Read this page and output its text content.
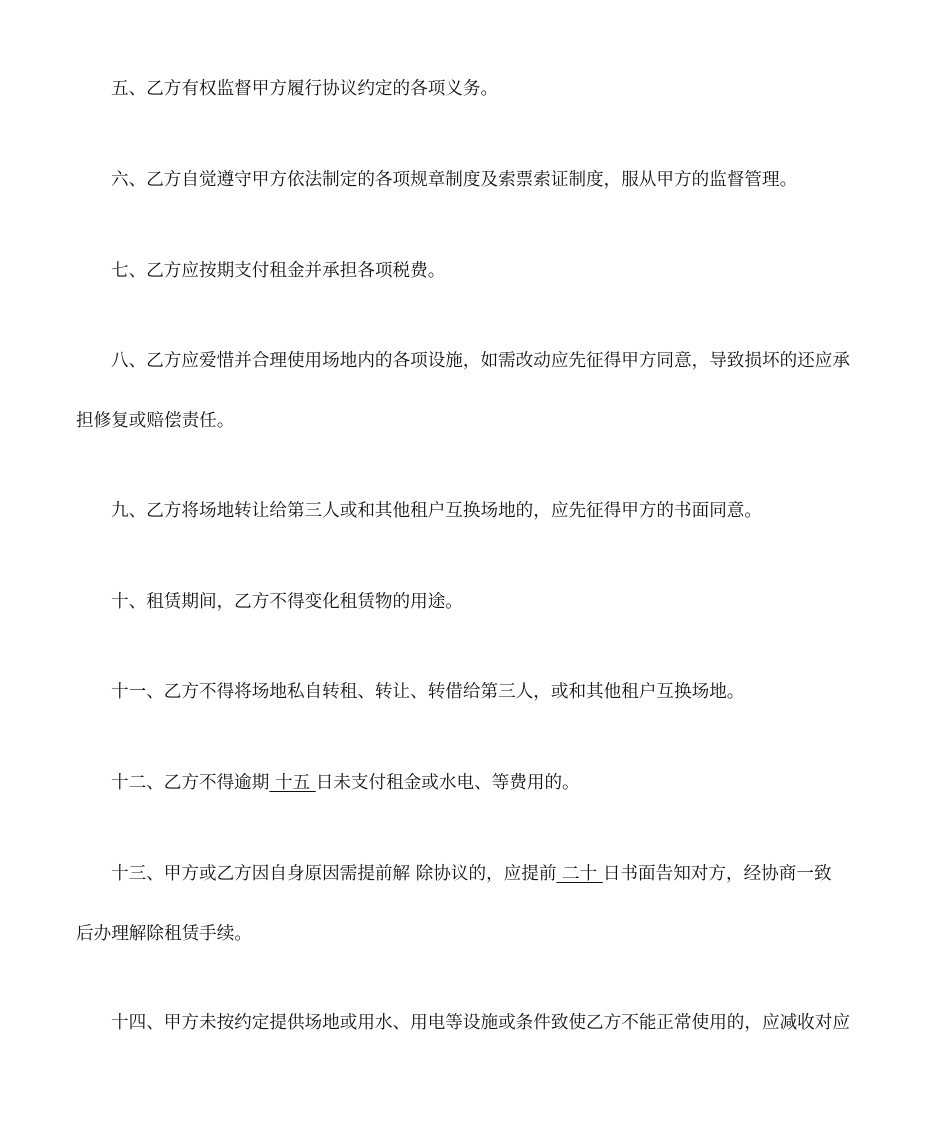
五、乙方有权监督甲方履行协议约定的各项义务。
六、乙方自觉遵守甲方依法制定的各项规章制度及索票索证制度，服从甲方的监督管理。
七、乙方应按期支付租金并承担各项税费。
八、乙方应爱惜并合理使用场地内的各项设施，如需改动应先征得甲方同意，导致损坏的还应承
担修复或赔偿责任。
九、乙方将场地转让给第三人或和其他租户互换场地的，应先征得甲方的书面同意。
十、租赁期间，乙方不得变化租赁物的用途。
十一、乙方不得将场地私自转租、转让、转借给第三人，或和其他租户互换场地。
十二、乙方不得逾期 十五 日未支付租金或水电、等费用的。
十三、甲方或乙方因自身原因需提前解 除协议的，应提前 二十 日书面告知对方，经协商一致
后办理解除租赁手续。
十四、甲方未按约定提供场地或用水、用电等设施或条件致使乙方不能正常使用的，应减收对应
